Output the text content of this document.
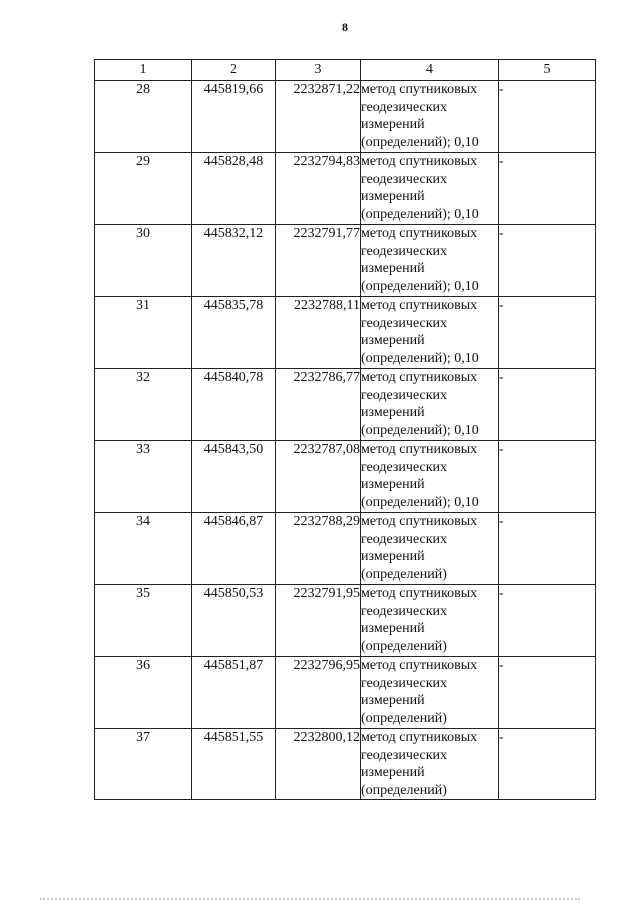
8
1	2	3	4	5
28	445819,66	2232871,22	метод спутниковых
геодезических
измерений
(определений); 0,10	-
29	445828,48	2232794,83	метод спутниковых
геодезических
измерений
(определений); 0,10	-
30	445832,12	2232791,77	метод спутниковых
геодезических
измерений
(определений); 0,10	-
31	445835,78	2232788,11	метод спутниковых
геодезических
измерений
(определений); 0,10	-
32	445840,78	2232786,77	метод спутниковых
геодезических
измерений
(определений); 0,10	-
33	445843,50	2232787,08	метод спутниковых
геодезических
измерений
(определений); 0,10	-
34	445846,87	2232788,29	метод спутниковых
геодезических
измерений
(определений)	-
35	445850,53	2232791,95	метод спутниковых
геодезических
измерений
(определений)	-
36	445851,87	2232796,95	метод спутниковых
геодезических
измерений
(определений)	-
37	445851,55	2232800,12	метод спутниковых
геодезических
измерений
(определений)	-
